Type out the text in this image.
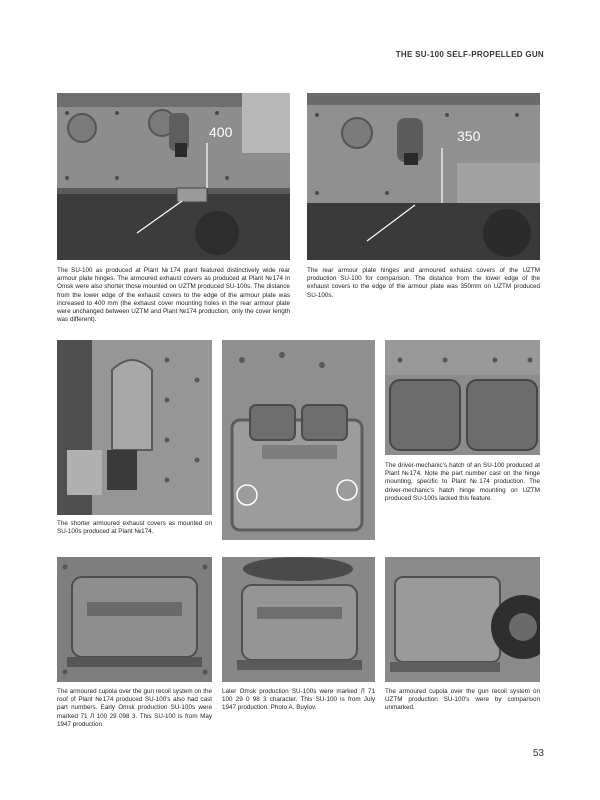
THE SU-100 SELF-PROPELLED GUN
400	350
The SU-100 as produced at Plant №174 plant featured distinctively wide rear armour plate hinges. The armoured exhaust covers as produced at Plant №174 in Omsk were also shorter those mounted on UZTM produced SU-100s. The distance from the lower edge of the exhaust covers to the edge of the armour plate was increased to 400 mm (the exhaust cover mounting holes in the rear armour plate were unchanged between UZTM and Plant №174 production, only the cover length was different).
The rear armour plate hinges and armoured exhaust covers of the UZTM production SU-100 for comparison. The distance from the lower edge of the exhaust covers to the edge of the armour plate was 350mm on UZTM produced SU-100s.
The shorter armoured exhaust covers as mounted on SU-100s produced at Plant №174.
The driver-mechanic's hatch of an SU-100 produced at Plant №174. Note the part number cast on the hinge mounting, specific to Plant №174 production. The driver-mechanic's hatch hinge mounting on UZTM produced SU-100s lacked this feature.
The armoured cupola over the gun recoil system on the roof of Plant №174 produced SU-100's also had cast part numbers. Early Omsk production SU-100s were marked 71 Л 100 29 098 3. This SU-100 is from May 1947 production.
Later Omsk production SU-100s were marked Л 71 100 29 0 98 3 character. This SU-100 is from July 1947 production. Photo A. Buylov.
The armoured cupola over the gun recoil system on UZTM production SU-100's were by comparison unmarked.
53
